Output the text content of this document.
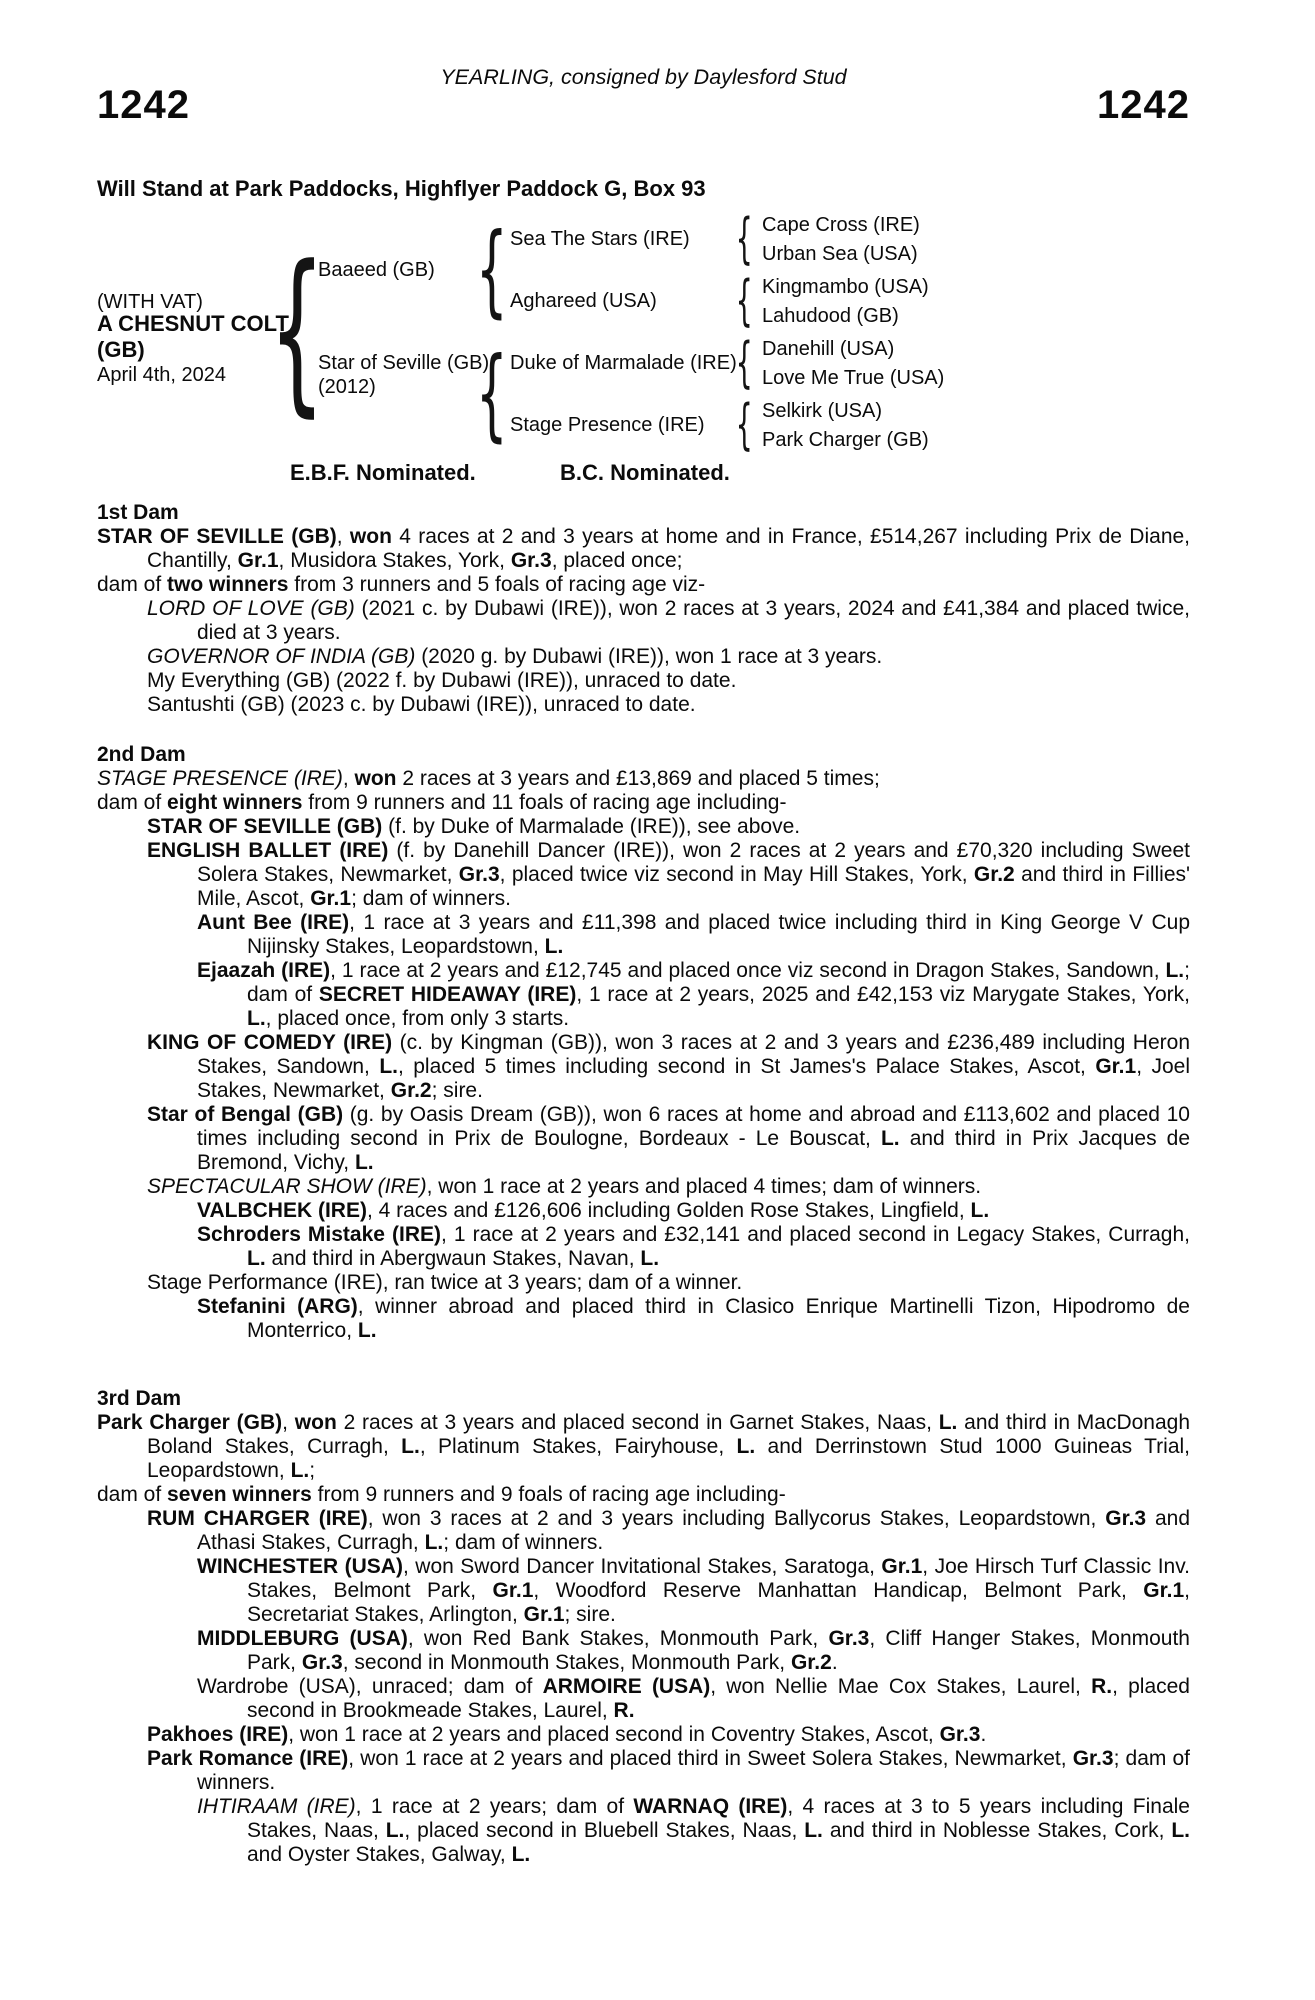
YEARLING, consigned by Daylesford Stud
1242	1242
Will Stand at Park Paddocks, Highflyer Paddock G, Box 93
(WITH VAT)
A CHESNUT COLT
(GB)
April 4th, 2024 {
Baaeed (GB)
Star of Seville (GB)
(2012)
{
{
Sea The Stars (IRE)
Aghareed (USA)
Duke of Marmalade (IRE)
Stage Presence (IRE)
{
{
{
{
Cape Cross (IRE)
Urban Sea (USA)
Kingmambo (USA)
Lahudood (GB)
Danehill (USA)
Love Me True (USA)
Selkirk (USA)
Park Charger (GB)
E.B.F. Nominated.	B.C. Nominated.

1st Dam

STAR OF SEVILLE (GB), won 4 races at 2 and 3 years at home and in France, £514,267 including Prix de Diane, Chantilly, Gr.1, Musidora Stakes, York, Gr.3, placed once;

dam of two winners from 3 runners and 5 foals of racing age viz-

LORD OF LOVE (GB) (2021 c. by Dubawi (IRE)), won 2 races at 3 years, 2024 and £41,384 and placed twice, died at 3 years.

GOVERNOR OF INDIA (GB) (2020 g. by Dubawi (IRE)), won 1 race at 3 years.

My Everything (GB) (2022 f. by Dubawi (IRE)), unraced to date.

Santushti (GB) (2023 c. by Dubawi (IRE)), unraced to date.

2nd Dam

STAGE PRESENCE (IRE), won 2 races at 3 years and £13,869 and placed 5 times;

dam of eight winners from 9 runners and 11 foals of racing age including-

STAR OF SEVILLE (GB) (f. by Duke of Marmalade (IRE)), see above.

ENGLISH BALLET (IRE) (f. by Danehill Dancer (IRE)), won 2 races at 2 years and £70,320 including Sweet Solera Stakes, Newmarket, Gr.3, placed twice viz second in May Hill Stakes, York, Gr.2 and third in Fillies' Mile, Ascot, Gr.1; dam of winners.

Aunt Bee (IRE), 1 race at 3 years and £11,398 and placed twice including third in King George V Cup Nijinsky Stakes, Leopardstown, L.

Ejaazah (IRE), 1 race at 2 years and £12,745 and placed once viz second in Dragon Stakes, Sandown, L.; dam of SECRET HIDEAWAY (IRE), 1 race at 2 years, 2025 and £42,153 viz Marygate Stakes, York, L., placed once, from only 3 starts.

KING OF COMEDY (IRE) (c. by Kingman (GB)), won 3 races at 2 and 3 years and £236,489 including Heron Stakes, Sandown, L., placed 5 times including second in St James's Palace Stakes, Ascot, Gr.1, Joel Stakes, Newmarket, Gr.2; sire.

Star of Bengal (GB) (g. by Oasis Dream (GB)), won 6 races at home and abroad and £113,602 and placed 10 times including second in Prix de Boulogne, Bordeaux - Le Bouscat, L. and third in Prix Jacques de Bremond, Vichy, L.

SPECTACULAR SHOW (IRE), won 1 race at 2 years and placed 4 times; dam of winners.

VALBCHEK (IRE), 4 races and £126,606 including Golden Rose Stakes, Lingfield, L.

Schroders Mistake (IRE), 1 race at 2 years and £32,141 and placed second in Legacy Stakes, Curragh, L. and third in Abergwaun Stakes, Navan, L.

Stage Performance (IRE), ran twice at 3 years; dam of a winner.

Stefanini (ARG), winner abroad and placed third in Clasico Enrique Martinelli Tizon, Hipodromo de Monterrico, L.

3rd Dam

Park Charger (GB), won 2 races at 3 years and placed second in Garnet Stakes, Naas, L. and third in MacDonagh Boland Stakes, Curragh, L., Platinum Stakes, Fairyhouse, L. and Derrinstown Stud 1000 Guineas Trial, Leopardstown, L.;

dam of seven winners from 9 runners and 9 foals of racing age including-

RUM CHARGER (IRE), won 3 races at 2 and 3 years including Ballycorus Stakes, Leopardstown, Gr.3 and Athasi Stakes, Curragh, L.; dam of winners.

WINCHESTER (USA), won Sword Dancer Invitational Stakes, Saratoga, Gr.1, Joe Hirsch Turf Classic Inv. Stakes, Belmont Park, Gr.1, Woodford Reserve Manhattan Handicap, Belmont Park, Gr.1, Secretariat Stakes, Arlington, Gr.1; sire.

MIDDLEBURG (USA), won Red Bank Stakes, Monmouth Park, Gr.3, Cliff Hanger Stakes, Monmouth Park, Gr.3, second in Monmouth Stakes, Monmouth Park, Gr.2.

Wardrobe (USA), unraced; dam of ARMOIRE (USA), won Nellie Mae Cox Stakes, Laurel, R., placed second in Brookmeade Stakes, Laurel, R.

Pakhoes (IRE), won 1 race at 2 years and placed second in Coventry Stakes, Ascot, Gr.3.

Park Romance (IRE), won 1 race at 2 years and placed third in Sweet Solera Stakes, Newmarket, Gr.3; dam of winners.

IHTIRAAM (IRE), 1 race at 2 years; dam of WARNAQ (IRE), 4 races at 3 to 5 years including Finale Stakes, Naas, L., placed second in Bluebell Stakes, Naas, L. and third in Noblesse Stakes, Cork, L. and Oyster Stakes, Galway, L.
